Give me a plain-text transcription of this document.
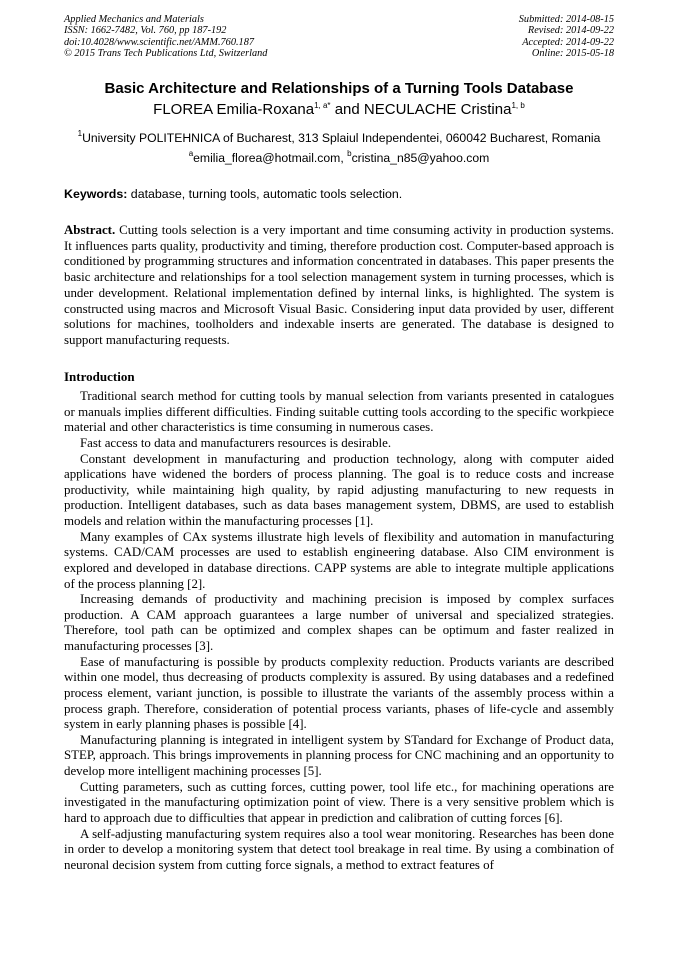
Applied Mechanics and Materials
ISSN: 1662-7482, Vol. 760, pp 187-192
doi:10.4028/www.scientific.net/AMM.760.187
© 2015 Trans Tech Publications Ltd, Switzerland
Submitted: 2014-08-15
Revised: 2014-09-22
Accepted: 2014-09-22
Online: 2015-05-18
Basic Architecture and Relationships of a Turning Tools Database
FLOREA Emilia-Roxana$^{1, a*}$ and NECULACHE Cristina$^{1, b}$
$^1$University POLITEHNICA of Bucharest, 313 Splaiul Independentei, 060042 Bucharest, Romania
$^a$emilia_florea@hotmail.com, $^b$cristina_n85@yahoo.com
Keywords: database, turning tools, automatic tools selection.
Abstract. Cutting tools selection is a very important and time consuming activity in production systems. It influences parts quality, productivity and timing, therefore production cost. Computer-based approach is conditioned by programming structures and information concentrated in databases. This paper presents the basic architecture and relationships for a tool selection management system in turning processes, which is under development. Relational implementation defined by internal links, is highlighted. The system is constructed using macros and Microsoft Visual Basic. Considering input data provided by user, different solutions for machines, toolholders and indexable inserts are generated. The database is designed to support manufacturing requests.
Introduction

Traditional search method for cutting tools by manual selection from variants presented in catalogues or manuals implies different difficulties. Finding suitable cutting tools according to the specific workpiece material and other characteristics is time consuming in numerous cases.

Fast access to data and manufacturers resources is desirable.

Constant development in manufacturing and production technology, along with computer aided applications have widened the borders of process planning. The goal is to reduce costs and increase productivity, while maintaining high quality, by rapid adjusting manufacturing to new requests in production. Intelligent databases, such as data bases management system, DBMS, are used to establish models and relation within the manufacturing processes [1].

Many examples of CAx systems illustrate high levels of flexibility and automation in manufacturing systems. CAD/CAM processes are used to establish engineering database. Also CIM environment is explored and developed in database directions. CAPP systems are able to integrate multiple applications of the process planning [2].

Increasing demands of productivity and machining precision is imposed by complex surfaces production. A CAM approach guarantees a large number of universal and specialized strategies. Therefore, tool path can be optimized and complex shapes can be optimum and faster realized in manufacturing processes [3].

Ease of manufacturing is possible by products complexity reduction. Products variants are described within one model, thus decreasing of products complexity is assured. By using databases and a redefined process element, variant junction, is possible to illustrate the variants of the assembly process within a process graph. Therefore, consideration of potential process variants, phases of life-cycle and assembly system in early planning phases is possible [4].

Manufacturing planning is integrated in intelligent system by STandard for Exchange of Product data, STEP, approach. This brings improvements in planning process for CNC machining and an opportunity to develop more intelligent machining processes [5].

Cutting parameters, such as cutting forces, cutting power, tool life etc., for machining operations are investigated in the manufacturing optimization point of view. There is a very sensitive problem which is hard to approach due to difficulties that appear in prediction and calibration of cutting forces [6].

A self-adjusting manufacturing system requires also a tool wear monitoring. Researches has been done in order to develop a monitoring system that detect tool breakage in real time. By using a combination of neuronal decision system from cutting force signals, a method to extract features of
